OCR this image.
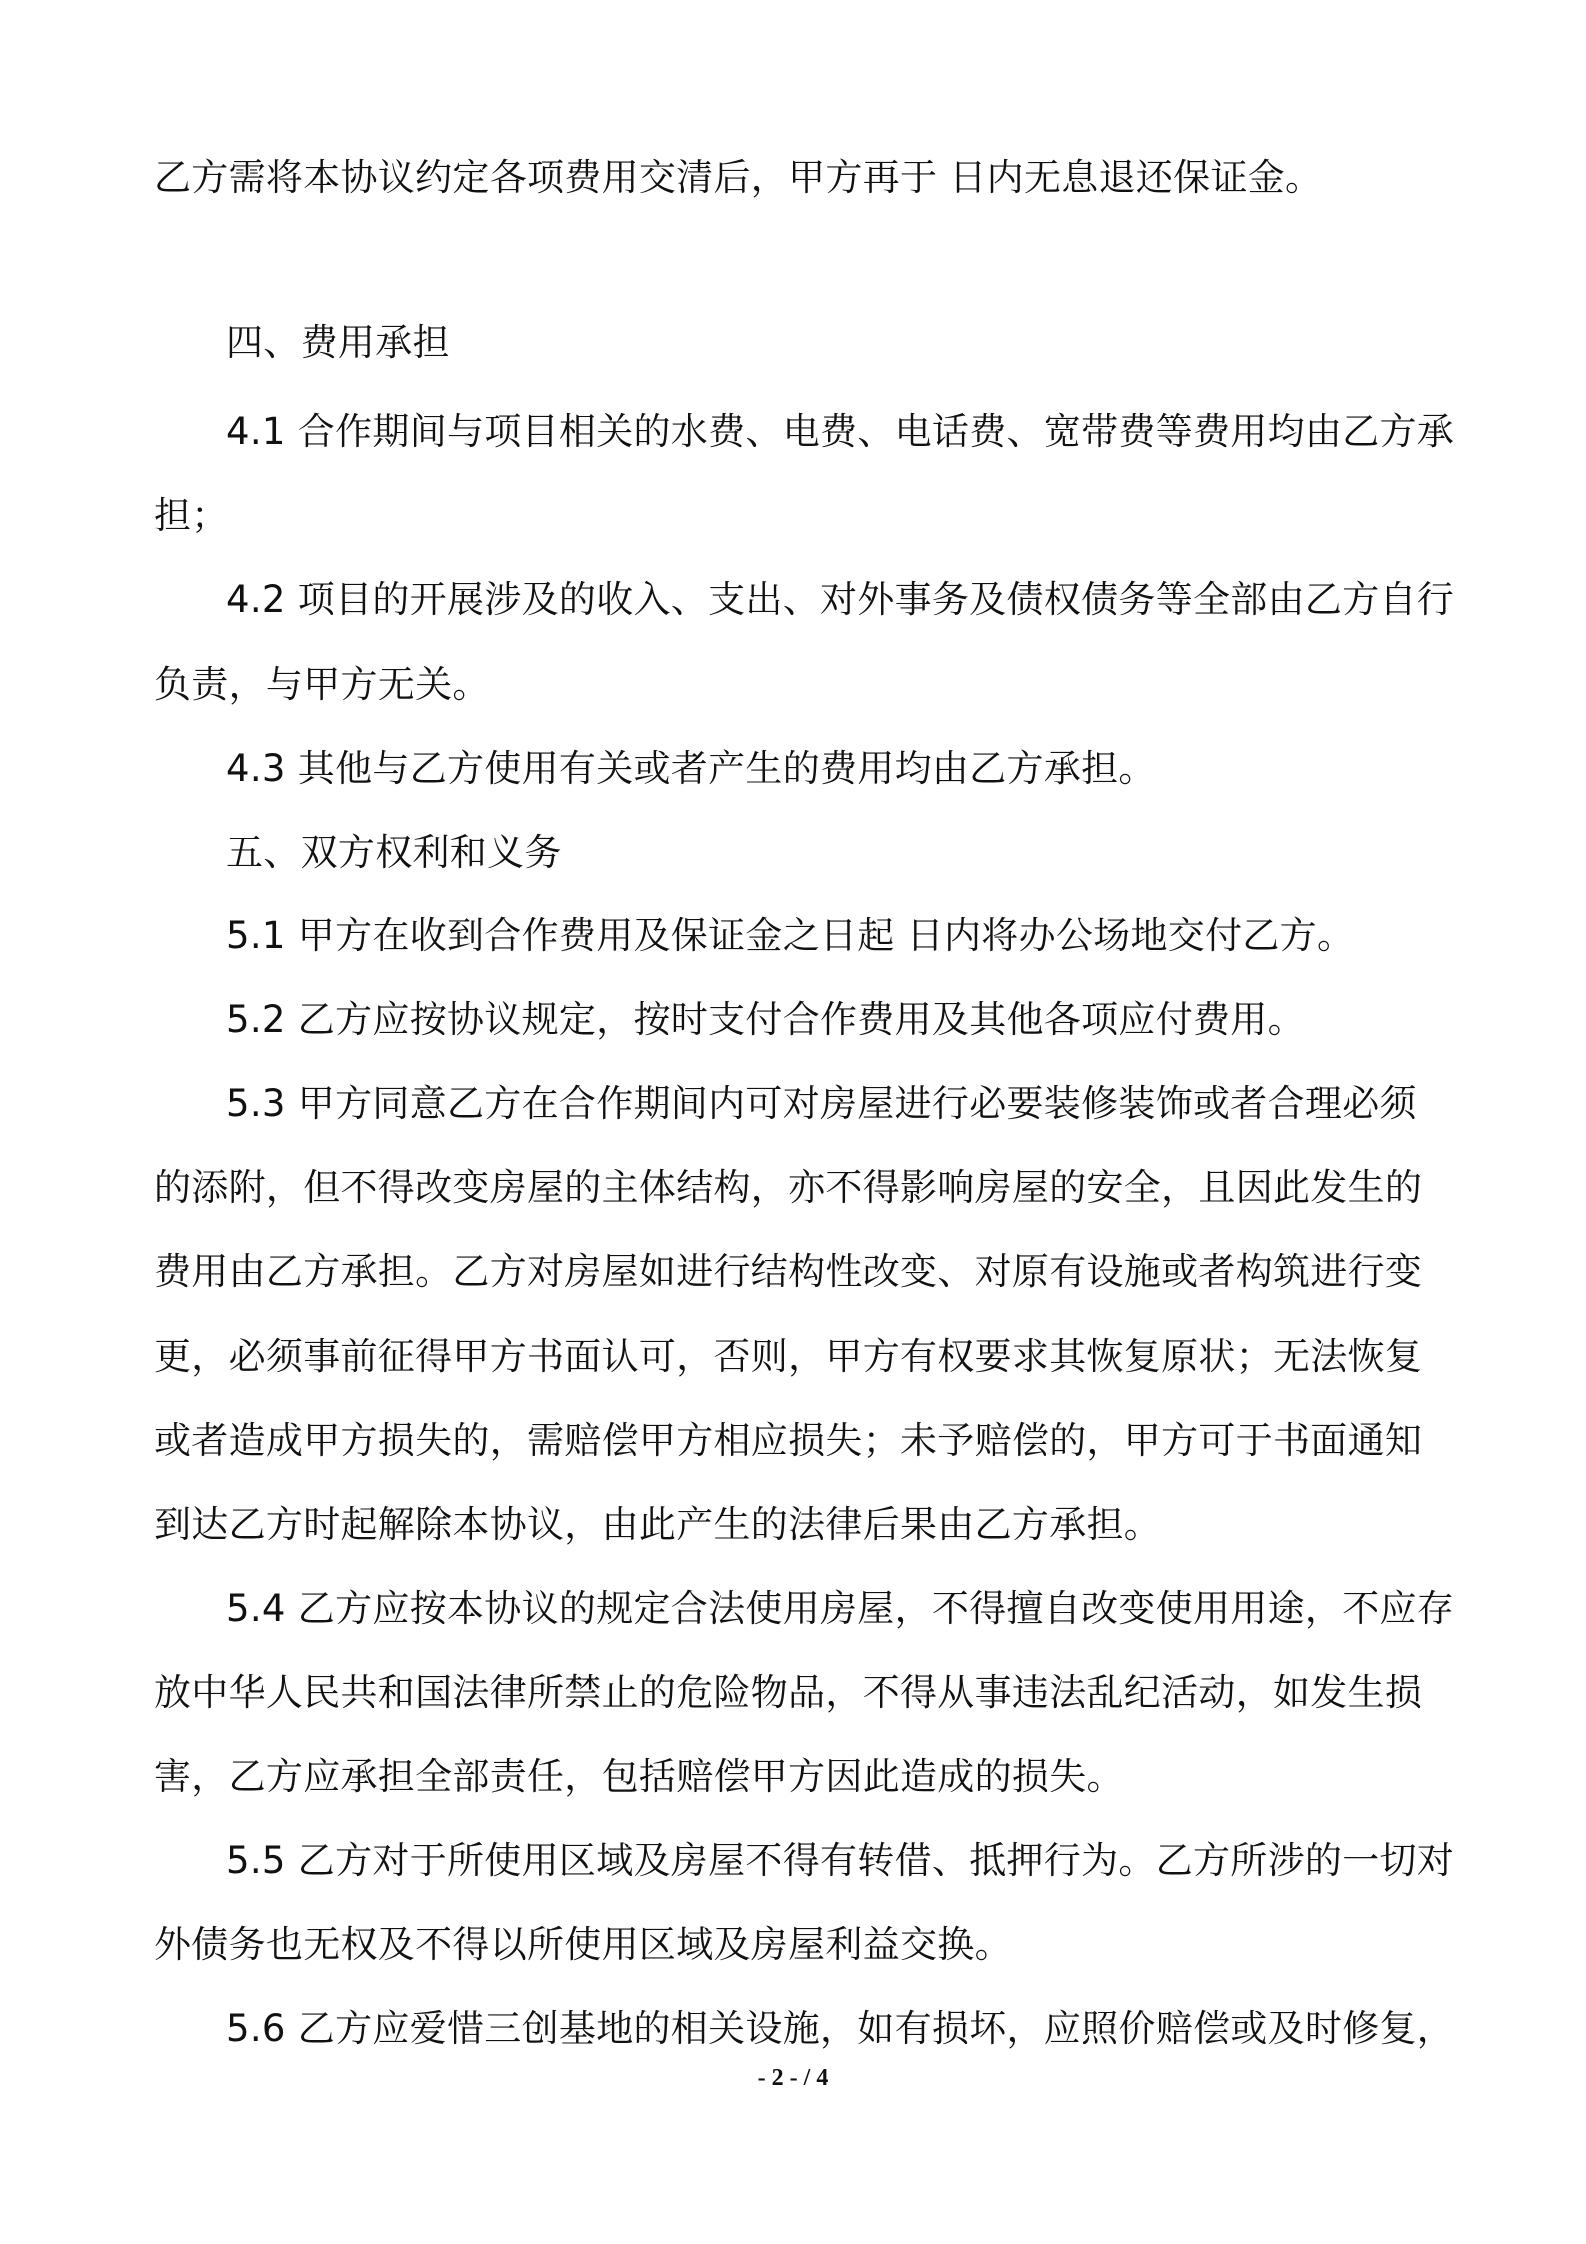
乙方需将本协议约定各项费用交清后，甲方再于 日内无息退还保证金。
四、费用承担
4.1 合作期间与项目相关的水费、电费、电话费、宽带费等费用均由乙方承
担；
4.2 项目的开展涉及的收入、支出、对外事务及债权债务等全部由乙方自行
负责，与甲方无关。
4.3 其他与乙方使用有关或者产生的费用均由乙方承担。
五、双方权利和义务
5.1 甲方在收到合作费用及保证金之日起 日内将办公场地交付乙方。
5.2 乙方应按协议规定，按时支付合作费用及其他各项应付费用。
5.3 甲方同意乙方在合作期间内可对房屋进行必要装修装饰或者合理必须
的添附，但不得改变房屋的主体结构，亦不得影响房屋的安全，且因此发生的
费用由乙方承担。乙方对房屋如进行结构性改变、对原有设施或者构筑进行变
更，必须事前征得甲方书面认可，否则，甲方有权要求其恢复原状；无法恢复
或者造成甲方损失的，需赔偿甲方相应损失；未予赔偿的，甲方可于书面通知
到达乙方时起解除本协议，由此产生的法律后果由乙方承担。
5.4 乙方应按本协议的规定合法使用房屋，不得擅自改变使用用途，不应存
放中华人民共和国法律所禁止的危险物品，不得从事违法乱纪活动，如发生损
害，乙方应承担全部责任，包括赔偿甲方因此造成的损失。
5.5 乙方对于所使用区域及房屋不得有转借、抵押行为。乙方所涉的一切对
外债务也无权及不得以所使用区域及房屋利益交换。
5.6 乙方应爱惜三创基地的相关设施，如有损坏，应照价赔偿或及时修复，
- 2 - / 4
